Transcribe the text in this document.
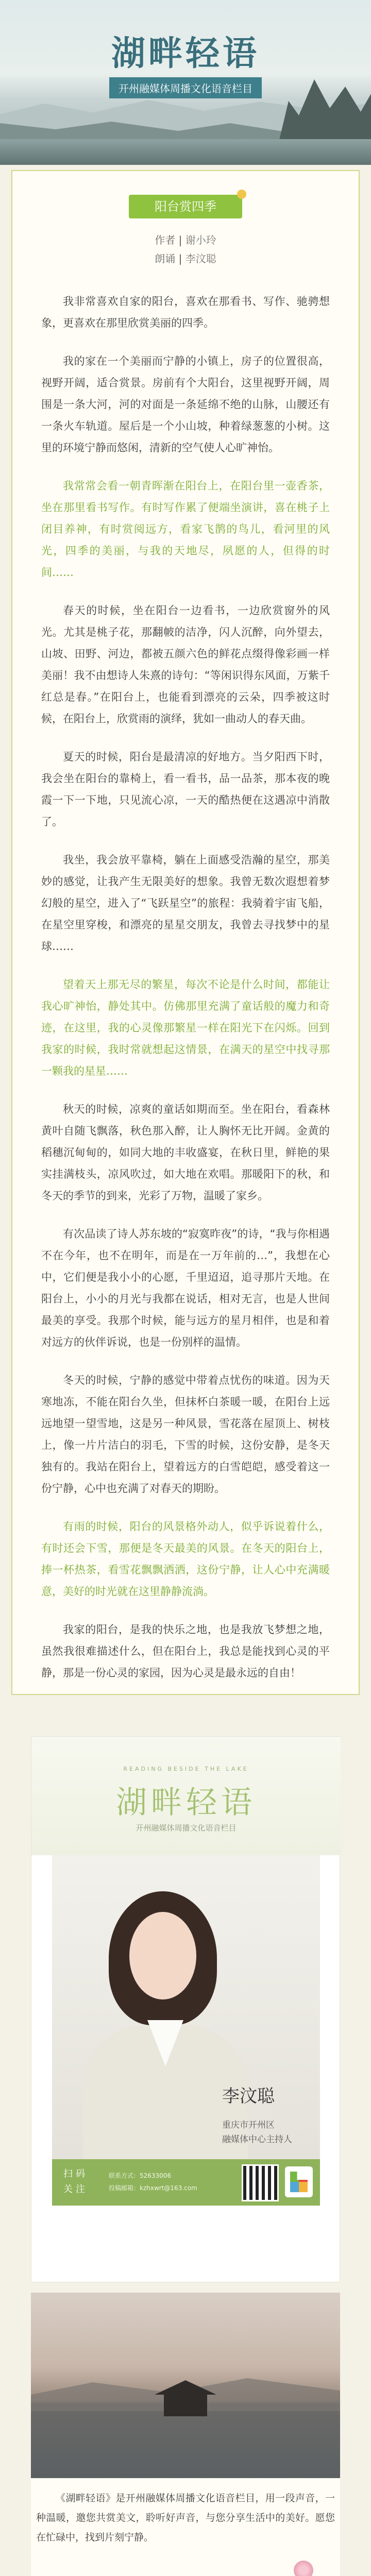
湖畔轻语
开州融媒体周播文化语音栏目
阳台赏四季
作者 | 谢小玲
朗诵 | 李汶聪

我非常喜欢自家的阳台，喜欢在那看书、写作、驰骋想象，更喜欢在那里欣赏美丽的四季。

我的家在一个美丽而宁静的小镇上，房子的位置很高，视野开阔，适合赏景。房前有个大阳台，这里视野开阔，周围是一条大河，河的对面是一条延绵不绝的山脉，山腰还有一条火车轨道。屋后是一个小山坡，种着绿葱葱的小树。这里的环境宁静而悠闲，清新的空气使人心旷神怡。

我常常会看一朝青晖渐在阳台上，在阳台里一壶香茶，坐在那里看书写作。有时写作累了便端坐演讲，喜在桃子上闭目养神，有时赏阅远方，看家飞鹊的鸟儿，看河里的风光，四季的美丽，与我的天地尽，夙愿的人，但得的时间……

春天的时候，坐在阳台一边看书，一边欣赏窗外的风光。尤其是桃子花，那翻帔的洁净，闪人沉醉，向外望去，山坡、田野、河边，都被五颜六色的鲜花点缀得像彩画一样美丽！我不由想诗人朱熹的诗句：“等闲识得东风面，万紫千红总是春。”在阳台上，也能看到漂亮的云朵，四季被这时候，在阳台上，欣赏雨的演绎，犹如一曲动人的春天曲。

夏天的时候，阳台是最清凉的好地方。当夕阳西下时，我会坐在阳台的靠椅上，看一看书，品一品茶，那本夜的晚霞一下一下地，只见流心凉，一天的酷热便在这遇凉中消散了。

我坐，我会放平靠椅，躺在上面感受浩瀚的星空，那美妙的感觉，让我产生无限美好的想象。我曾无数次遐想着梦幻般的星空，进入了“飞跃星空”的旅程：我骑着宇宙飞船，在星空里穿梭，和漂亮的星星交朋友，我曾去寻找梦中的星球……

望着天上那无尽的繁星，每次不论是什么时间，都能让我心旷神怡，静处其中。仿佛那里充满了童话般的魔力和奇迹，在这里，我的心灵像那繁星一样在阳光下在闪烁。回到我家的时候，我时常就想起这情景，在满天的星空中找寻那一颗我的星星……

秋天的时候，凉爽的童话如期而至。坐在阳台，看森林黄叶自随飞飘落，秋色那入醉，让人胸怀无比开阔。金黄的稻穗沉甸甸的，如同大地的丰收盛宴，在秋日里，鲜艳的果实挂满枝头，凉风吹过，如大地在欢唱。那暖阳下的秋，和冬天的季节的到来，光彩了万物，温暖了家乡。

有次品读了诗人苏东坡的“寂寞昨夜”的诗，“我与你相遇不在今年，也不在明年，而是在一万年前的…”，我想在心中，它们便是我小小的心愿，千里迢迢，追寻那片天地。在阳台上，小小的月光与我都在说话，相对无言，也是人世间最美的享受。我那个时候，能与远方的星月相伴，也是和着对远方的伙伴诉说，也是一份别样的温情。

冬天的时候，宁静的感觉中带着点忧伤的味道。因为天寒地冻，不能在阳台久坐，但抹杯白茶暖一暖，在阳台上远远地望一望雪地，这是另一种风景，雪花落在屋顶上、树枝上，像一片片洁白的羽毛，下雪的时候，这份安静，是冬天独有的。我站在阳台上，望着远方的白雪皑皑，感受着这一份宁静，心中也充满了对春天的期盼。

有雨的时候，阳台的风景格外动人，似乎诉说着什么，有时还会下雪，那便是冬天最美的风景。在冬天的阳台上，捧一杯热茶，看雪花飘飘洒洒，这份宁静，让人心中充满暖意，美好的时光就在这里静静流淌。

我家的阳台，是我的快乐之地，也是我放飞梦想之地，虽然我很难描述什么，但在阳台上，我总是能找到心灵的平静，那是一份心灵的家园，因为心灵是最永远的自由！

READING BESIDE THE LAKE
湖畔轻语
开州融媒体周播文化语音栏目
李汶聪
重庆市开州区
融媒体中心主持人
扫码关注
联系方式：52633006
投稿邮箱：kzhxwrt@163.com
《湖畔轻语》是开州融媒体周播文化语音栏目，用一段声音，一种温暖，邀您共赏美文，聆听好声音，与您分享生活中的美好。愿您在忙碌中，找到片刻宁静。
